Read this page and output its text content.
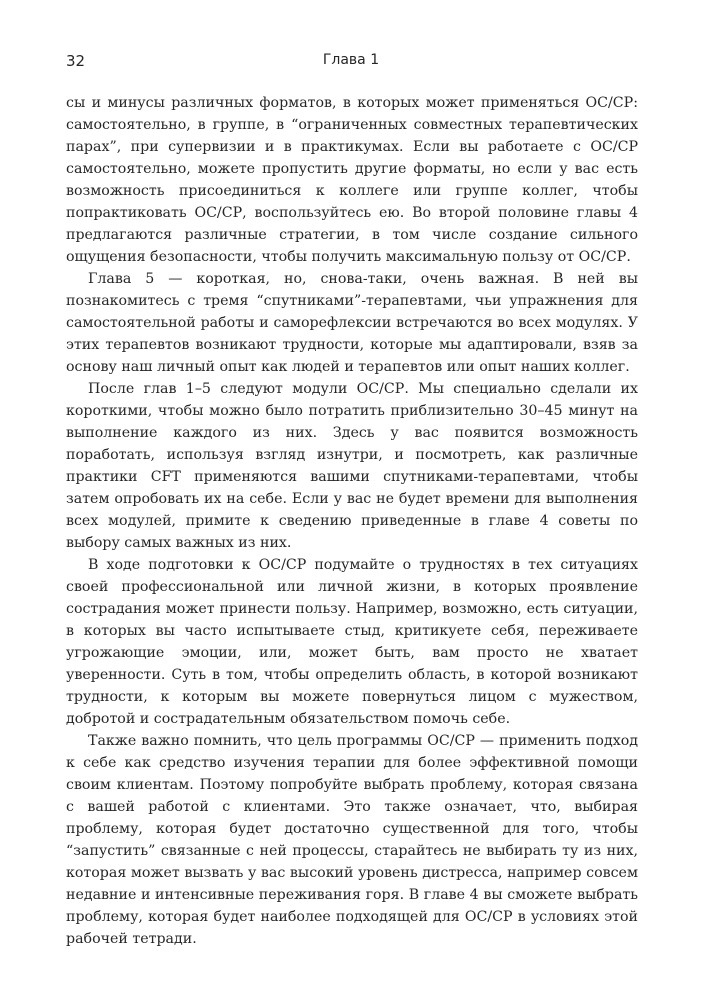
32	Глава 1

сы и минусы различных форматов, в которых может применяться ОС/СР: самостоятельно, в группе, в “ограниченных совместных терапевтических парах”, при супервизии и в практикумах. Если вы работаете с ОС/СР самостоятельно, можете пропустить другие форматы, но если у вас есть возможность присоединиться к коллеге или группе коллег, чтобы попрактиковать ОС/СР, воспользуйтесь ею. Во второй половине главы 4 предлагаются различные стратегии, в том числе создание сильного ощущения безопасности, чтобы получить максимальную пользу от ОС/СР.

Глава 5 — короткая, но, снова-таки, очень важная. В ней вы познакомитесь с тремя “спутниками”-терапевтами, чьи упражнения для самостоятельной работы и саморефлексии встречаются во всех модулях. У этих терапевтов возникают трудности, которые мы адаптировали, взяв за основу наш личный опыт как людей и терапевтов или опыт наших коллег.

После глав 1–5 следуют модули ОС/СР. Мы специально сделали их короткими, чтобы можно было потратить приблизительно 30–45 минут на выполнение каждого из них. Здесь у вас появится возможность поработать, используя взгляд изнутри, и посмотреть, как различные практики CFT применяются вашими спутниками-терапевтами, чтобы затем опробовать их на себе. Если у вас не будет времени для выполнения всех модулей, примите к сведению приведенные в главе 4 советы по выбору самых важных из них.

В ходе подготовки к ОС/СР подумайте о трудностях в тех ситуациях своей профессиональной или личной жизни, в которых проявление сострадания может принести пользу. Например, возможно, есть ситуации, в которых вы часто испытываете стыд, критикуете себя, переживаете угрожающие эмоции, или, может быть, вам просто не хватает уверенности. Суть в том, чтобы определить область, в которой возникают трудности, к которым вы можете повернуться лицом с мужеством, добротой и сострадательным обязательством помочь себе.

Также важно помнить, что цель программы ОС/СР — применить подход к себе как средство изучения терапии для более эффективной помощи своим клиентам. Поэтому попробуйте выбрать проблему, которая связана с вашей работой с клиентами. Это также означает, что, выбирая проблему, которая будет достаточно существенной для того, чтобы “запустить” связанные с ней процессы, старайтесь не выбирать ту из них, которая может вызвать у вас высокий уровень дистресса, например совсем недавние и интенсивные переживания горя. В главе 4 вы сможете выбрать проблему, которая будет наиболее подходящей для ОС/СР в условиях этой рабочей тетради.
